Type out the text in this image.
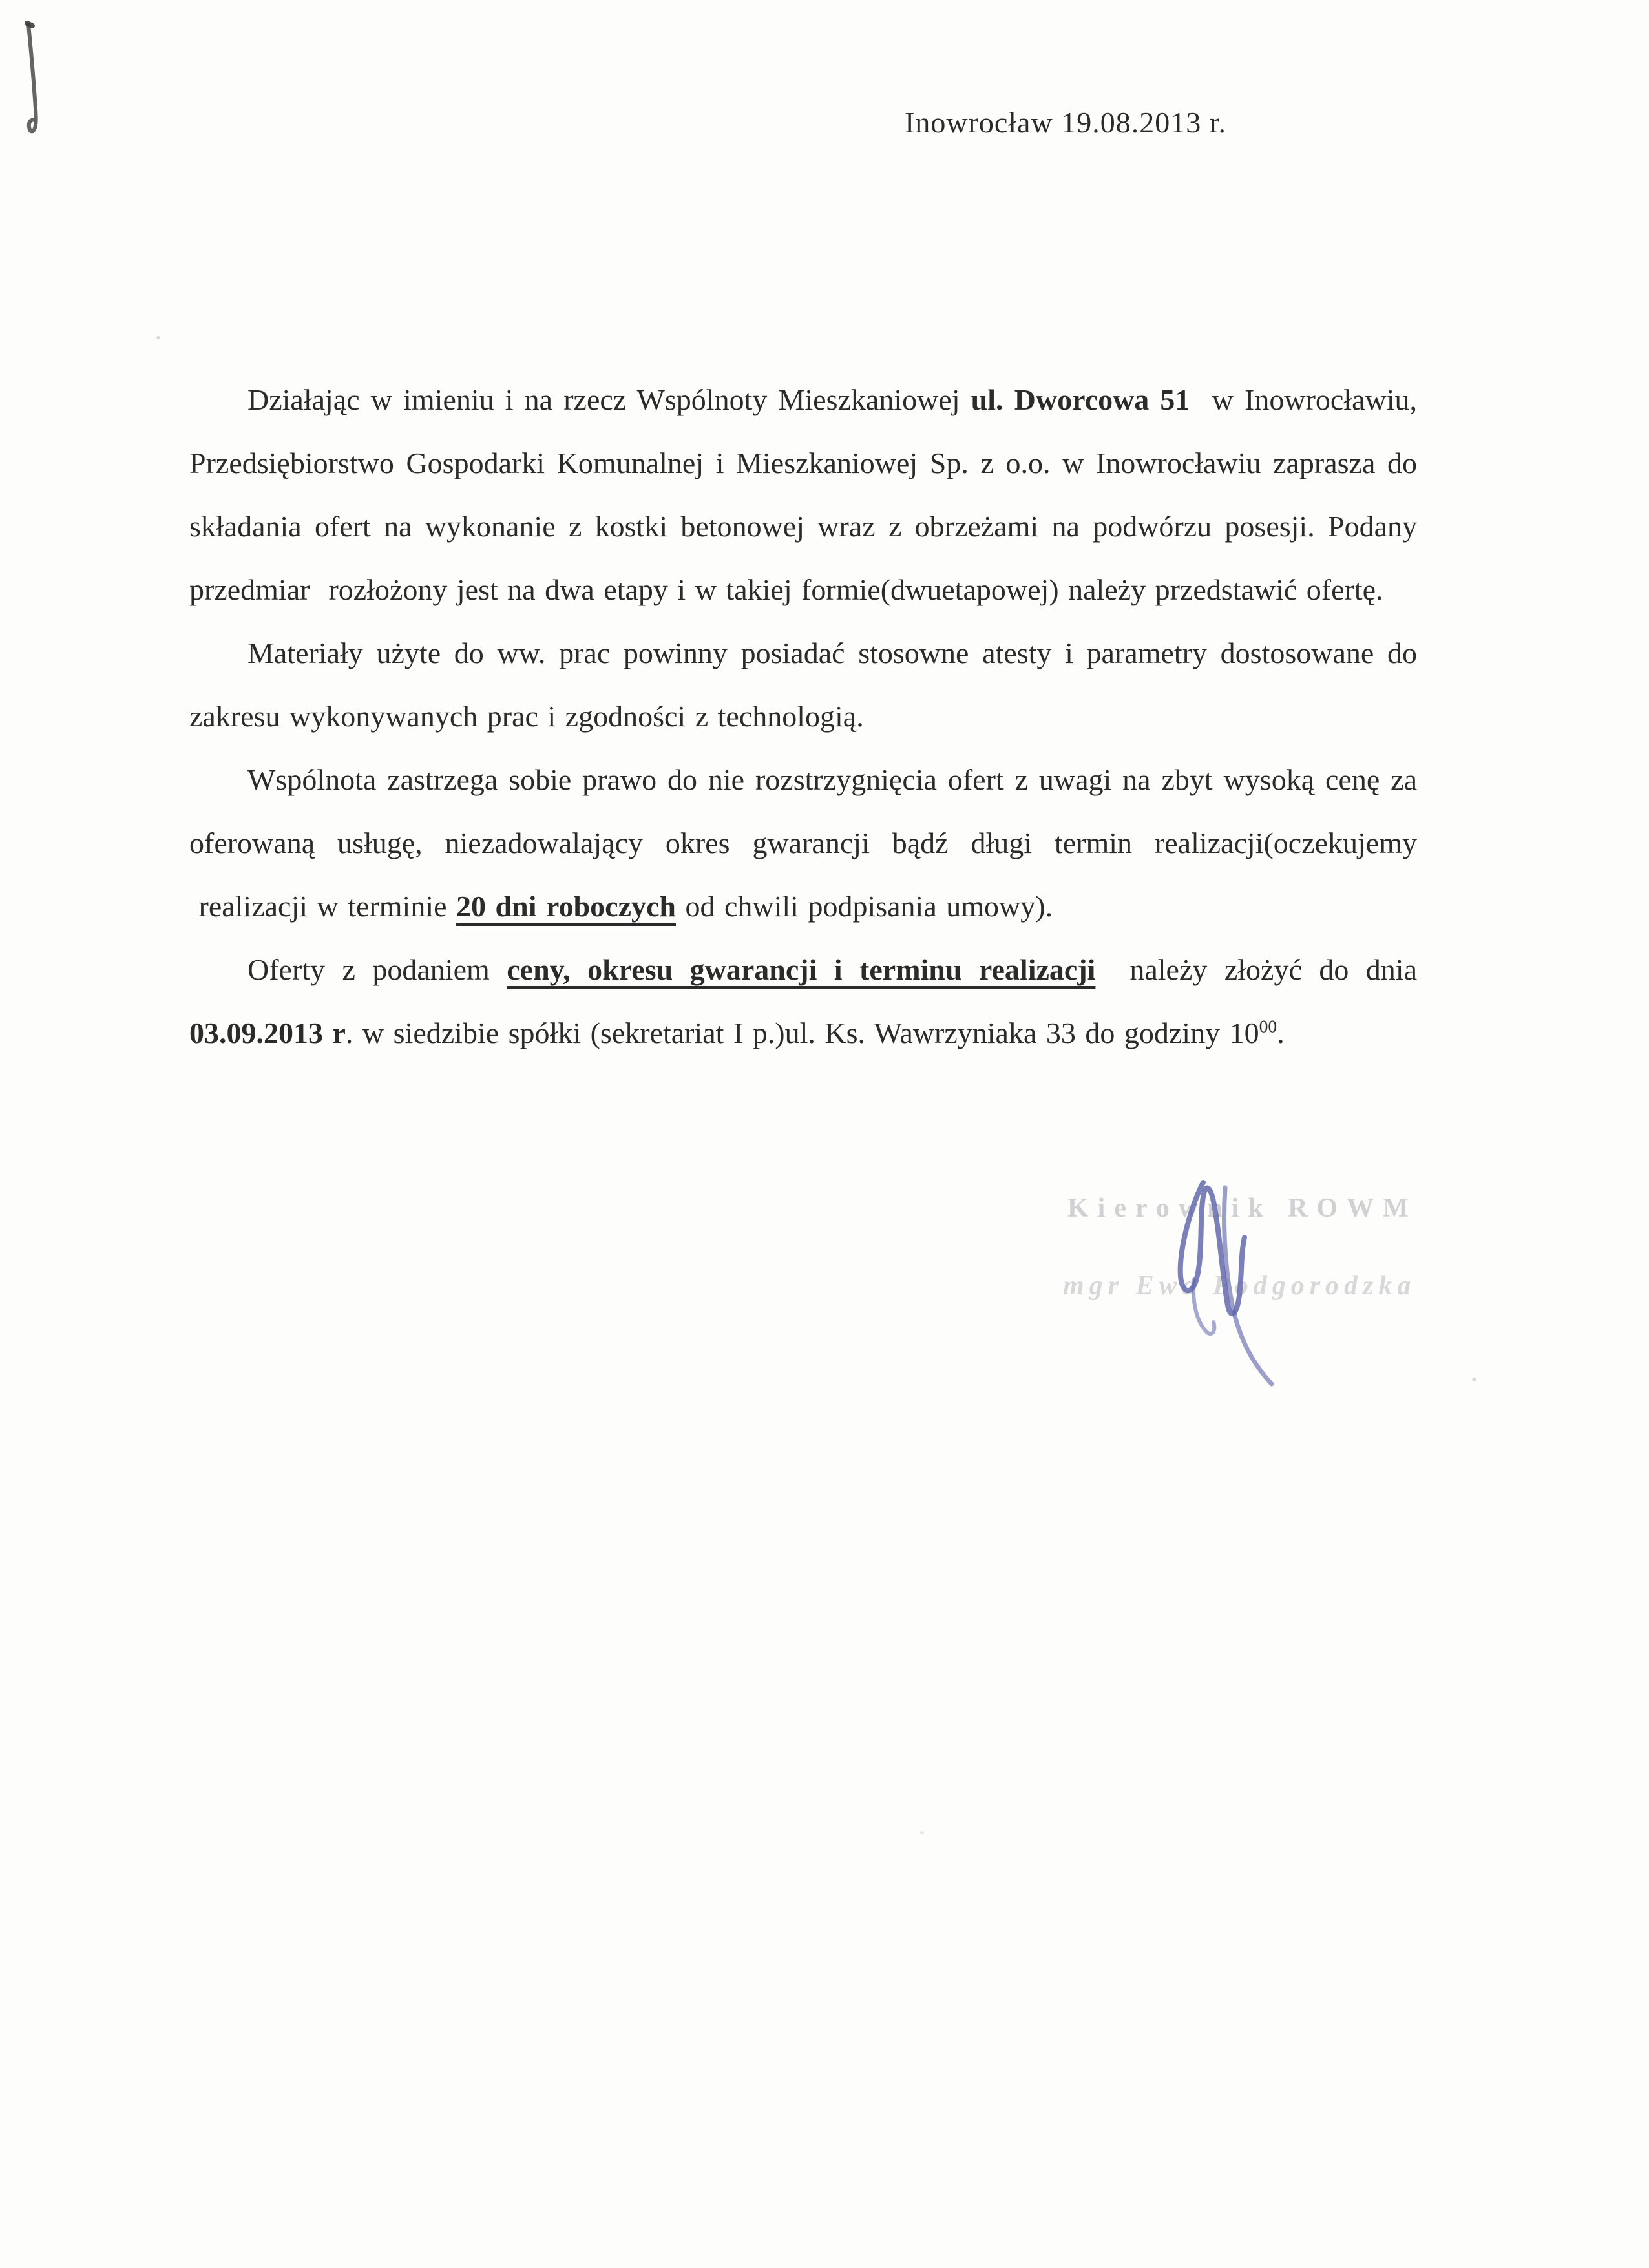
Inowrocław 19.08.2013 r.

Działając w imieniu i na rzecz Wspólnoty Mieszkaniowej ul. Dworcowa 51  w Inowrocławiu, Przedsiębiorstwo Gospodarki Komunalnej i Mieszkaniowej Sp. z o.o. w Inowrocławiu zaprasza do składania ofert na wykonanie z kostki betonowej wraz z obrzeżami na podwórzu posesji. Podany przedmiar  rozłożony jest na dwa etapy i w takiej formie(dwuetapowej) należy przedstawić ofertę.

Materiały użyte do ww. prac powinny posiadać stosowne atesty i parametry dostosowane do zakresu wykonywanych prac i zgodności z technologią.

Wspólnota zastrzega sobie prawo do nie rozstrzygnięcia ofert z uwagi na zbyt wysoką cenę za oferowaną usługę, niezadowalający okres gwarancji bądź długi termin realizacji(oczekujemy  realizacji w terminie 20 dni roboczych od chwili podpisania umowy).

Oferty z podaniem ceny, okresu gwarancji i terminu realizacji  należy złożyć do dnia 03.09.2013 r. w siedzibie spółki (sekretariat I p.)ul. Ks. Wawrzyniaka 33 do godziny $10^{00}$.

Kierownik ROWM
mgr Ewa Podgorodzka
